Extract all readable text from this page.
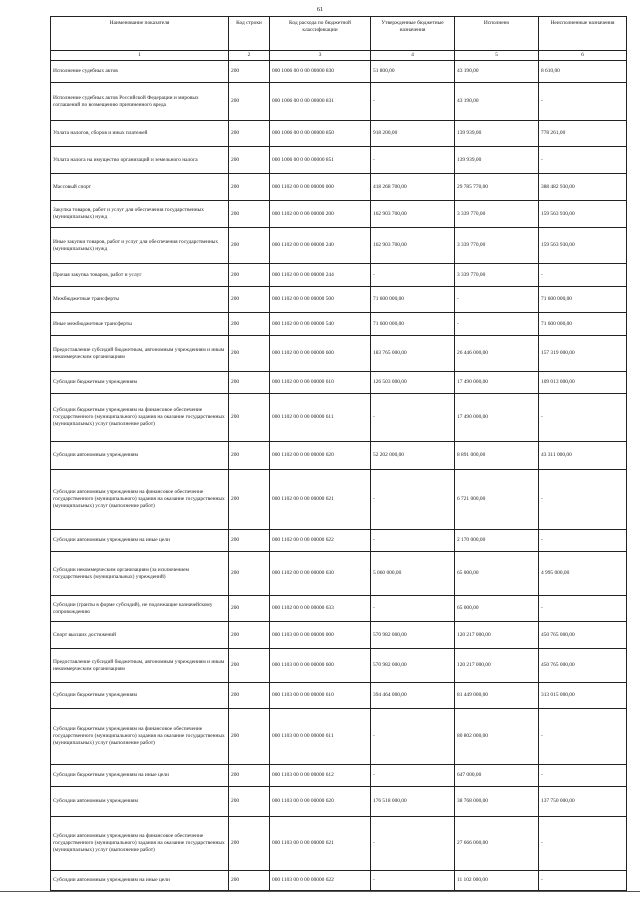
61
Наименование показателя	Код строки	Код расхода по бюджетной классификации	Утвержденные бюджетные назначения	Исполнено	Неисполненные назначения
1	2	3	4	5	6
Исполнение судебных актов	200	000 1006 00 0 00 00000 830	51 800,00	43 190,00	8 610,00
Исполнение судебных актов Российской Федерации и мировых соглашений по возмещению причиненного вреда	200	000 1006 00 0 00 00000 831	-	43 190,00	-
Уплата налогов, сборов и иных платежей	200	000 1006 00 0 00 00000 850	918 200,00	139 939,00	778 261,00
Уплата налога на имущество организаций и земельного налога	200	000 1006 00 0 00 00000 851	-	139 939,00	-
Массовый спорт	200	000 1102 00 0 00 00000 000	418 268 700,00	29 785 770,00	388 482 930,00
Закупка товаров, работ и услуг для обеспечения государственных (муниципальных) нужд	200	000 1102 00 0 00 00000 200	162 903 700,00	3 339 770,00	159 563 930,00
Иные закупки товаров, работ и услуг для обеспечения государственных (муниципальных) нужд	200	000 1102 00 0 00 00000 240	162 903 700,00	3 339 770,00	159 563 930,00
Прочая закупка товаров, работ и услуг	200	000 1102 00 0 00 00000 244	-	3 339 770,00	-
Межбюджетные трансферты	200	000 1102 00 0 00 00000 500	71 600 000,00	-	71 600 000,00
Иные межбюджетные трансферты	200	000 1102 00 0 00 00000 540	71 600 000,00	-	71 600 000,00
Предоставление субсидий бюджетным, автономным учреждениям и иным некоммерческим организациям	200	000 1102 00 0 00 00000 600	183 765 000,00	26 446 000,00	157 319 000,00
Субсидии бюджетным учреждениям	200	000 1102 00 0 00 00000 610	126 503 000,00	17 490 000,00	109 013 000,00
Субсидии бюджетным учреждениям на финансовое обеспечение государственного (муниципального) задания на оказание государственных (муниципальных) услуг (выполнение работ)	200	000 1102 00 0 00 00000 611	-	17 490 000,00	-
Субсидии автономным учреждениям	200	000 1102 00 0 00 00000 620	52 202 000,00	8 891 000,00	43 311 000,00
Субсидии автономным учреждениям на финансовое обеспечение государственного (муниципального) задания на оказание государственных (муниципальных) услуг (выполнение работ)	200	000 1102 00 0 00 00000 621	-	6 721 000,00	-
Субсидии автономным учреждениям на иные цели	200	000 1102 00 0 00 00000 622	-	2 170 000,00	-
Субсидии некоммерческим организациям (за исключением государственных (муниципальных) учреждений)	200	000 1102 00 0 00 00000 630	5 060 000,00	65 000,00	4 995 000,00
Субсидии (гранты в форме субсидий), не подлежащие казначейскому сопровождению	200	000 1102 00 0 00 00000 633	-	65 000,00	-
Спорт высших достижений	200	000 1103 00 0 00 00000 000	570 982 000,00	120 217 000,00	450 765 000,00
Предоставление субсидий бюджетным, автономным учреждениям и иным некоммерческим организациям	200	000 1103 00 0 00 00000 600	570 982 000,00	120 217 000,00	450 765 000,00
Субсидии бюджетным учреждениям	200	000 1103 00 0 00 00000 610	394 464 000,00	81 449 000,00	313 015 000,00
Субсидии бюджетным учреждениям на финансовое обеспечение государственного (муниципального) задания на оказание государственных (муниципальных) услуг (выполнение работ)	200	000 1103 00 0 00 00000 611	-	80 802 000,00	-
Субсидии бюджетным учреждениям на иные цели	200	000 1103 00 0 00 00000 612	-	647 000,00	-
Субсидии автономным учреждениям	200	000 1103 00 0 00 00000 620	176 518 000,00	38 768 000,00	137 750 000,00
Субсидии автономным учреждениям на финансовое обеспечение государственного (муниципального) задания на оказание государственных (муниципальных) услуг (выполнение работ)	200	000 1103 00 0 00 00000 621	-	27 666 000,00	-
Субсидии автономным учреждениям на иные цели	200	000 1103 00 0 00 00000 622	-	11 102 000,00	-
